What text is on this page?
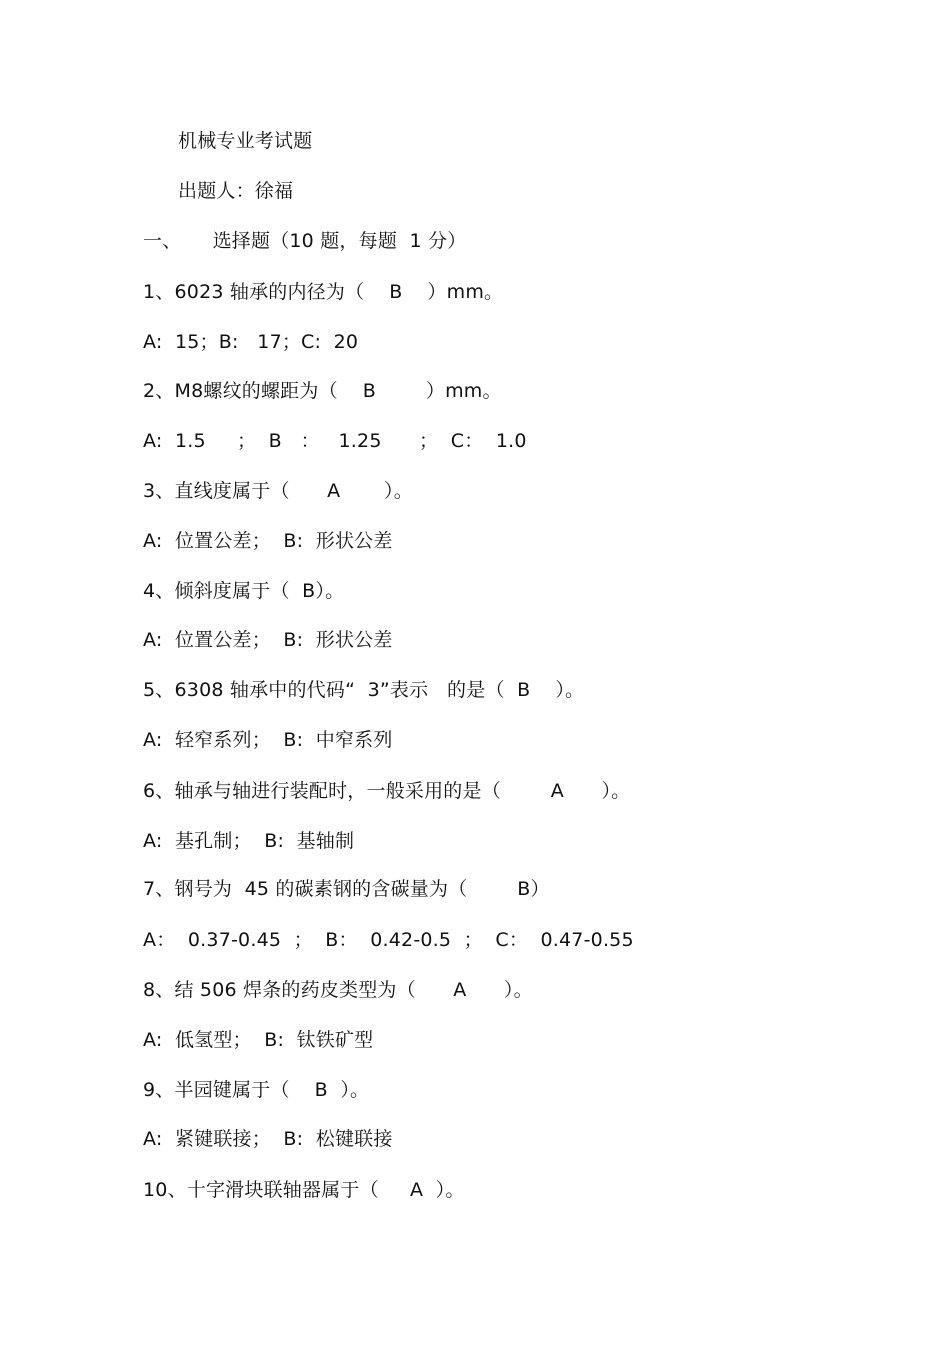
机械专业考试题
出题人：徐福
一、     选择题（10 题，每题  1 分）
1、6023 轴承的内径为（    B    ）mm。
A:  15；B:   17；C:  20
2、M8螺纹的螺距为（    B        ）mm。
A:  1.5     ；  B   ：   1.25      ；  C：  1.0
3、直线度属于（      A       ）。
A:  位置公差；  B:  形状公差
4、倾斜度属于（  B）。
A:  位置公差；  B:  形状公差
5、6308 轴承中的代码“  3”表示   的是（  B    ）。
A:  轻窄系列；  B:  中窄系列
6、轴承与轴进行装配时，一般采用的是（        A      ）。
A:  基孔制；  B:  基轴制
7、钢号为  45 的碳素钢的含碳量为（        B）
A：  0.37-0.45  ；  B：  0.42-0.5  ；  C：  0.47-0.55
8、结 506 焊条的药皮类型为（      A      ）。
A:  低氢型；  B:  钛铁矿型
9、半园键属于（    B  ）。
A:  紧键联接；  B:  松键联接
10、十字滑块联轴器属于（     A  ）。
